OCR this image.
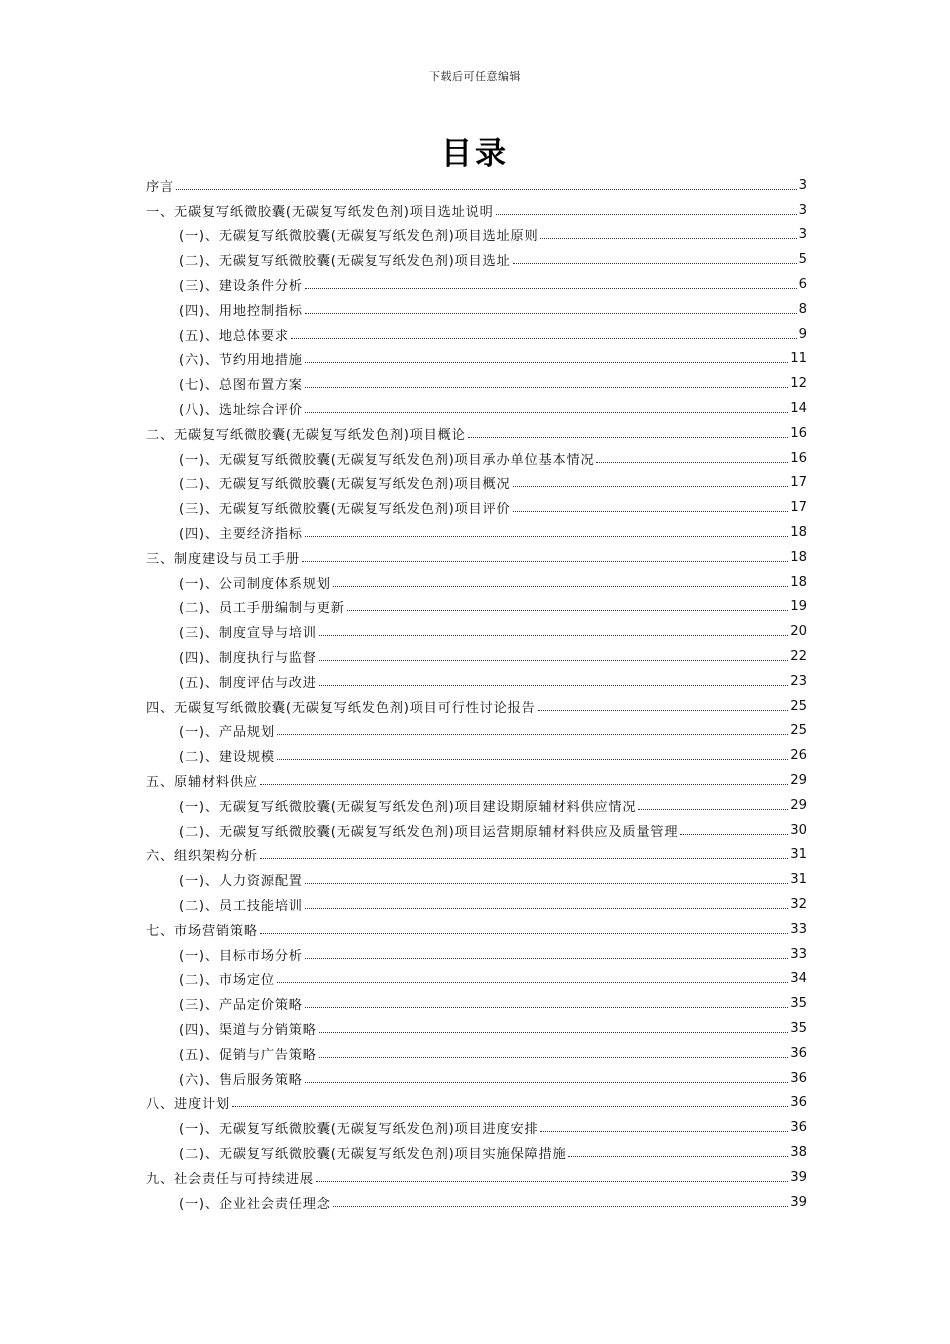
下载后可任意编辑
目录
序言	3
一、无碳复写纸微胶囊(无碳复写纸发色剂)项目选址说明	3
(一)、无碳复写纸微胶囊(无碳复写纸发色剂)项目选址原则	3
(二)、无碳复写纸微胶囊(无碳复写纸发色剂)项目选址	5
(三)、建设条件分析	6
(四)、用地控制指标	8
(五)、地总体要求	9
(六)、节约用地措施	11
(七)、总图布置方案	12
(八)、选址综合评价	14
二、无碳复写纸微胶囊(无碳复写纸发色剂)项目概论	16
(一)、无碳复写纸微胶囊(无碳复写纸发色剂)项目承办单位基本情况	16
(二)、无碳复写纸微胶囊(无碳复写纸发色剂)项目概况	17
(三)、无碳复写纸微胶囊(无碳复写纸发色剂)项目评价	17
(四)、主要经济指标	18
三、制度建设与员工手册	18
(一)、公司制度体系规划	18
(二)、员工手册编制与更新	19
(三)、制度宣导与培训	20
(四)、制度执行与监督	22
(五)、制度评估与改进	23
四、无碳复写纸微胶囊(无碳复写纸发色剂)项目可行性讨论报告	25
(一)、产品规划	25
(二)、建设规模	26
五、原辅材料供应	29
(一)、无碳复写纸微胶囊(无碳复写纸发色剂)项目建设期原辅材料供应情况	29
(二)、无碳复写纸微胶囊(无碳复写纸发色剂)项目运营期原辅材料供应及质量管理	30
六、组织架构分析	31
(一)、人力资源配置	31
(二)、员工技能培训	32
七、市场营销策略	33
(一)、目标市场分析	33
(二)、市场定位	34
(三)、产品定价策略	35
(四)、渠道与分销策略	35
(五)、促销与广告策略	36
(六)、售后服务策略	36
八、进度计划	36
(一)、无碳复写纸微胶囊(无碳复写纸发色剂)项目进度安排	36
(二)、无碳复写纸微胶囊(无碳复写纸发色剂)项目实施保障措施	38
九、社会责任与可持续进展	39
(一)、企业社会责任理念	39
